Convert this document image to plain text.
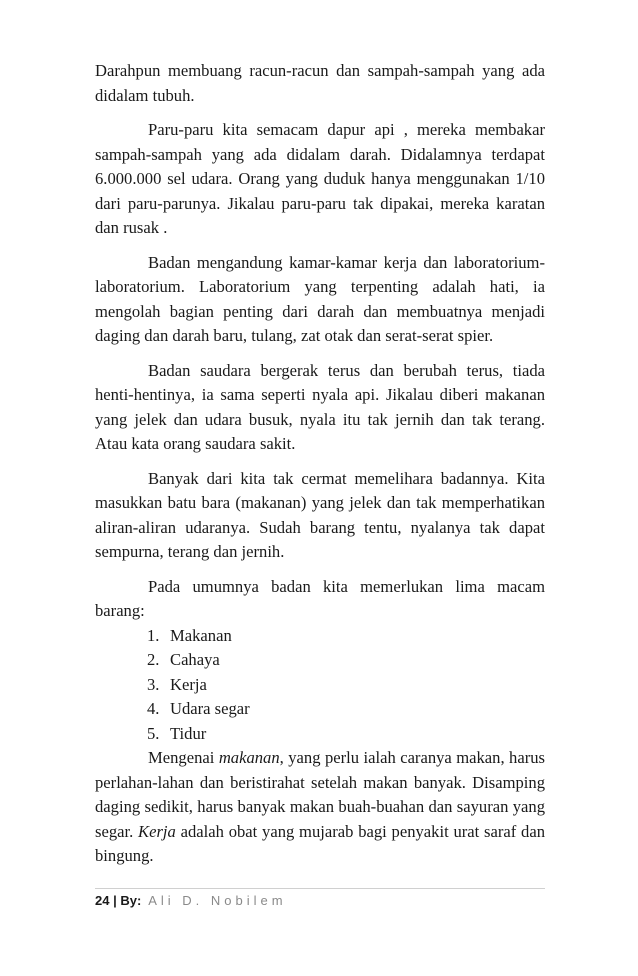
Darahpun membuang racun-racun dan sampah-sampah yang ada didalam tubuh.

Paru-paru kita semacam dapur api , mereka membakar sampah-sampah yang ada didalam darah. Didalamnya terdapat 6.000.000 sel udara. Orang yang duduk hanya menggunakan 1/10 dari paru-parunya. Jikalau paru-paru tak dipakai, mereka karatan dan rusak .

Badan mengandung kamar-kamar kerja dan laboratorium-laboratorium. Laboratorium yang terpenting adalah hati, ia mengolah bagian penting dari darah dan membuatnya menjadi daging dan darah baru, tulang, zat otak dan serat-serat spier.

Badan saudara bergerak terus dan berubah terus, tiada henti-hentinya, ia sama seperti nyala api. Jikalau diberi makanan yang jelek dan udara busuk, nyala itu tak jernih dan tak terang. Atau kata orang saudara sakit.

Banyak dari kita tak cermat memelihara badannya. Kita masukkan batu bara (makanan) yang jelek dan tak memperhatikan aliran-aliran udaranya. Sudah barang tentu, nyalanya tak dapat sempurna, terang dan jernih.

Pada umumnya badan kita memerlukan lima macam barang:

1. Makanan
2. Cahaya
3. Kerja
4. Udara segar
5. Tidur

Mengenai makanan, yang perlu ialah caranya makan, harus perlahan-lahan dan beristirahat setelah makan banyak. Disamping daging sedikit, harus banyak makan buah-buahan dan sayuran yang segar. Kerja adalah obat yang mujarab bagi penyakit urat saraf dan bingung.

24 | By: Ali D. Nobilem
